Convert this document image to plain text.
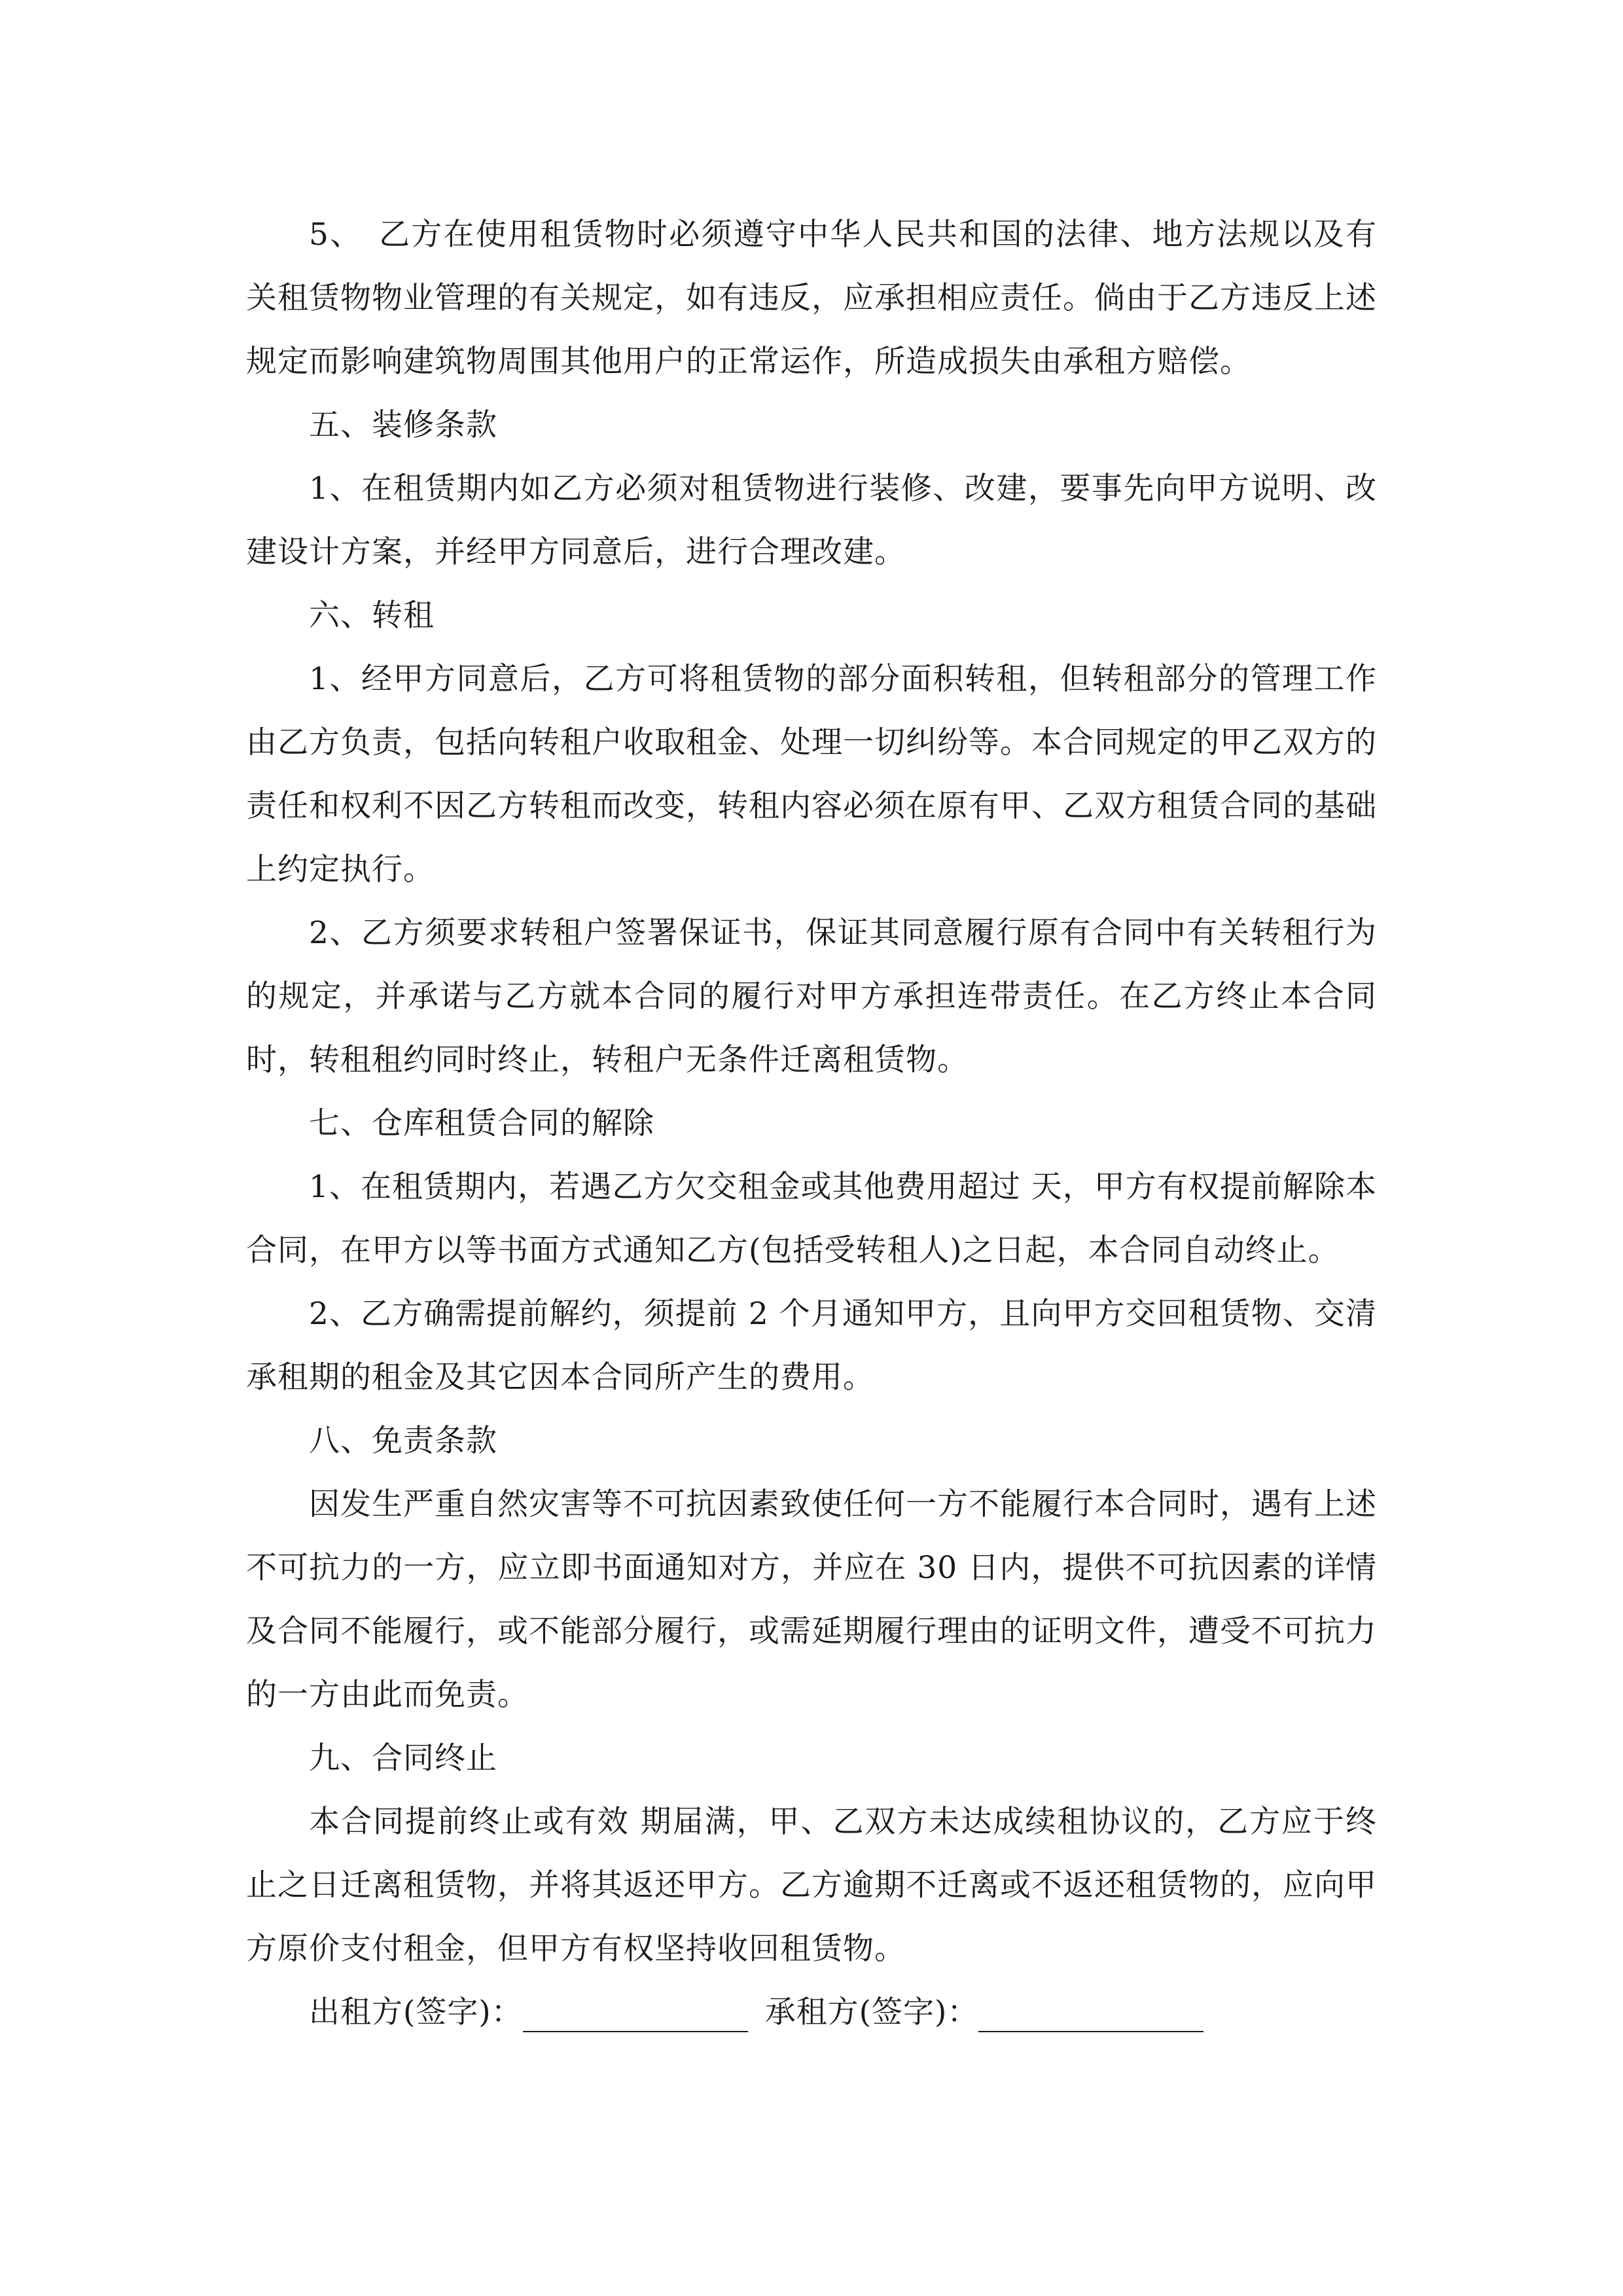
5、　乙方在使用租赁物时必须遵守中华人民共和国的法律、地方法规以及有关租赁物物业管理的有关规定，如有违反，应承担相应责任。倘由于乙方违反上述规定而影响建筑物周围其他用户的正常运作，所造成损失由承租方赔偿。

五、装修条款

1、在租赁期内如乙方必须对租赁物进行装修、改建，要事先向甲方说明、改建设计方案，并经甲方同意后，进行合理改建。

六、转租

1、经甲方同意后，乙方可将租赁物的部分面积转租，但转租部分的管理工作由乙方负责，包括向转租户收取租金、处理一切纠纷等。本合同规定的甲乙双方的责任和权利不因乙方转租而改变，转租内容必须在原有甲、乙双方租赁合同的基础上约定执行。

2、乙方须要求转租户签署保证书，保证其同意履行原有合同中有关转租行为的规定，并承诺与乙方就本合同的履行对甲方承担连带责任。在乙方终止本合同时，转租租约同时终止，转租户无条件迁离租赁物。

七、仓库租赁合同的解除

1、在租赁期内，若遇乙方欠交租金或其他费用超过 天，甲方有权提前解除本合同，在甲方以等书面方式通知乙方(包括受转租人)之日起，本合同自动终止。

2、乙方确需提前解约，须提前 2 个月通知甲方，且向甲方交回租赁物、交清承租期的租金及其它因本合同所产生的费用。

八、免责条款

因发生严重自然灾害等不可抗因素致使任何一方不能履行本合同时，遇有上述不可抗力的一方，应立即书面通知对方，并应在 30 日内，提供不可抗因素的详情及合同不能履行，或不能部分履行，或需延期履行理由的证明文件，遭受不可抗力的一方由此而免责。

九、合同终止

本合同提前终止或有效 期届满，甲、乙双方未达成续租协议的，乙方应于终止之日迁离租赁物，并将其返还甲方。乙方逾期不迁离或不返还租赁物的，应向甲方原价支付租金，但甲方有权坚持收回租赁物。

出租方(签字)：	承租方(签字)：
